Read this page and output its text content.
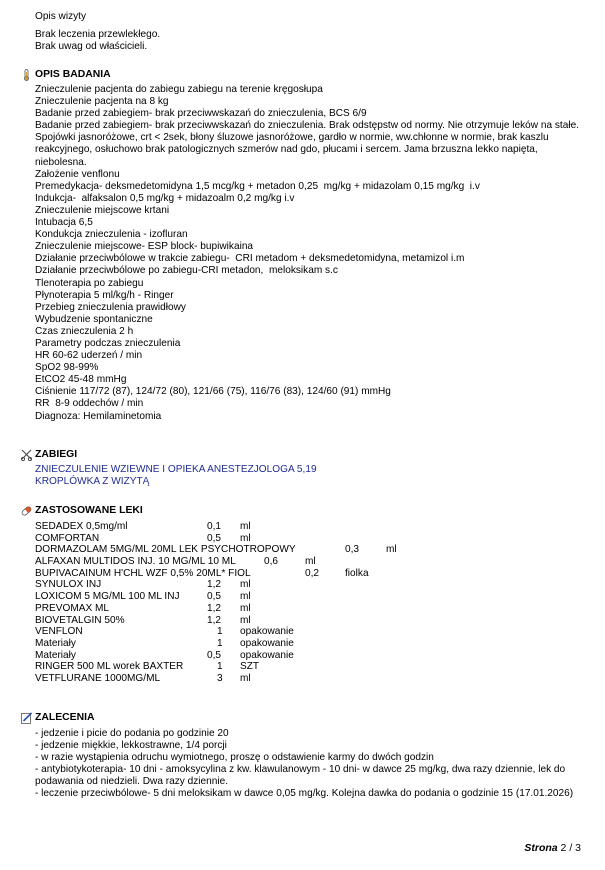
Opis wizyty
Brak leczenia przewlekłego.
Brak uwag od właścicieli.
OPIS BADANIA
Znieczulenie pacjenta do zabiegu zabiegu na terenie kręgosłupa
Znieczulenie pacjenta na 8 kg
Badanie przed zabiegiem- brak przeciwwskazań do znieczulenia, BCS 6/9
Badanie przed zabiegiem- brak przeciwwskazań do znieczulenia. Brak odstępstw od normy. Nie otrzymuje leków na stałe. Spojówki jasnoróżowe, crt < 2sek, błony śluzowe jasnoróżowe, gardło w normie, ww.chłonne w normie, brak kaszlu reakcyjnego, osłuchowo brak patologicznych szmerów nad gdo, płucami i sercem. Jama brzuszna lekko napięta, niebolesna.
Założenie venflonu
Premedykacja- deksmedetomidyna 1,5 mcg/kg + metadon 0,25  mg/kg + midazolam 0,15 mg/kg  i.v
Indukcja-  alfaksalon 0,5 mg/kg + midazoalm 0,2 mg/kg i.v
Znieczulenie miejscowe krtani
Intubacja 6,5
Kondukcja znieczulenia - izofluran
Znieczulenie miejscowe- ESP block- bupiwikaina
Działanie przeciwbólowe w trakcie zabiegu-  CRI metadom + deksmedetomidyna, metamizol i.m
Działanie przeciwbólowe po zabiegu-CRI metadon,  meloksikam s.c
Tlenoterapia po zabiegu
Płynoterapia 5 ml/kg/h - Ringer
Przebieg znieczulenia prawidłowy
Wybudzenie spontaniczne
Czas znieczulenia 2 h
Parametry podczas znieczulenia
HR 60-62 uderzeń / min
SpO2 98-99%
EtCO2 45-48 mmHg
Ciśnienie 117/72 (87), 124/72 (80), 121/66 (75), 116/76 (83), 124/60 (91) mmHg
RR  8-9 oddechów / min
Diagnoza: Hemilaminetomia
ZABIEGI
ZNIECZULENIE WZIEWNE I OPIEKA ANESTEZJOLOGA 5,19
KROPLÓWKA Z WIZYTĄ
ZASTOSOWANE LEKI
SEDADEX 0,5mg/ml	0,1 ml
COMFORTAN	0,5 ml
DORMAZOLAM 5MG/ML 20ML LEK PSYCHOTROPOWY	0,3	ml
ALFAXAN MULTIDOS INJ. 10 MG/ML 10 ML	0,6	ml
BUPIVACAINUM H'CHL WZF 0,5% 20ML* FIOL	0,2	fiolka
SYNULOX INJ	1,2 ml
LOXICOM 5 MG/ML 100 ML INJ	0,5 ml
PREVOMAX ML	1,2 ml
BIOVETALGIN 50%	1,2 ml
VENFLON	1 opakowanie
Materiały	1 opakowanie
Materiały	0,5 opakowanie
RINGER 500 ML worek BAXTER	1 SZT
VETFLURANE 1000MG/ML	3 ml
ZALECENIA
- jedzenie i picie do podania po godzinie 20
- jedzenie miękkie, lekkostrawne, 1/4 porcji
- w razie wystąpienia odruchu wymiotnego, proszę o odstawienie karmy do dwóch godzin
- antybiotykoterapia- 10 dni - amoksycylina z kw. klawulanowym - 10 dni- w dawce 25 mg/kg, dwa razy dziennie, lek do podawania od niedzieli. Dwa razy dziennie.
- leczenie przeciwbólowe- 5 dni meloksikam w dawce 0,05 mg/kg. Kolejna dawka do podania o godzinie 15 (17.01.2026)
Strona 2 / 3
